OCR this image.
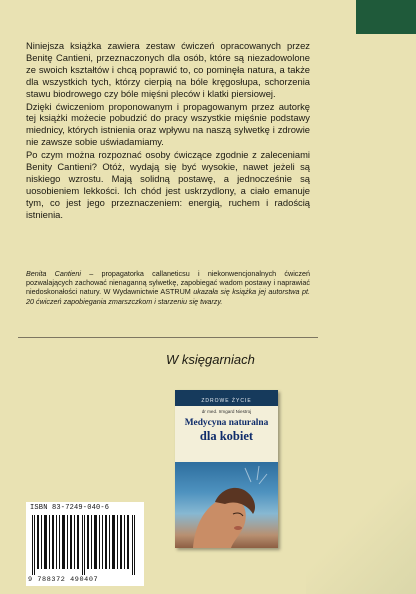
Niniejsza książka zawiera zestaw ćwiczeń opracowanych przez Benitę Cantieni, przeznaczonych dla osób, które są niezadowolone ze swoich kształtów i chcą poprawić to, co pominęła natura, a także dla wszystkich tych, którzy cierpią na bóle kręgosłupa, schorzenia stawu biodrowego czy bóle mięśni pleców i klatki piersiowej.

Dzięki ćwiczeniom proponowanym i propagowanym przez autorkę tej książki możecie pobudzić do pracy wszystkie mięśnie podstawy miednicy, których istnienia oraz wpływu na naszą sylwetkę i zdrowie nie zawsze sobie uświadamiamy.

Po czym można rozpoznać osoby ćwiczące zgodnie z zaleceniami Benity Cantieni? Otóż, wydają się być wysokie, nawet jeżeli są niskiego wzrostu. Mają solidną postawę, a jednocześnie są uosobieniem lekkości. Ich chód jest uskrzydlony, a ciało emanuje tym, co jest jego przeznaczeniem: energią, ruchem i radością istnienia.

Benita Cantieni – propagatorka callaneticsu i niekonwencjonalnych ćwiczeń pozwalających zachować nienaganną sylwetkę, zapobiegać wadom postawy i naprawiać niedoskonałości natury. W Wydawnictwie ASTRUM ukazała się książka jej autorstwa pt. 20 ćwiczeń zapobiegania zmarszczkom i starzeniu się twarzy.

W księgarniach
ZDROWE ŻYCIE
dr med. Irmgard Niestroj
Medycyna naturalna
dla kobiet
ISBN 83-7249-040-6
9 788372 490407
